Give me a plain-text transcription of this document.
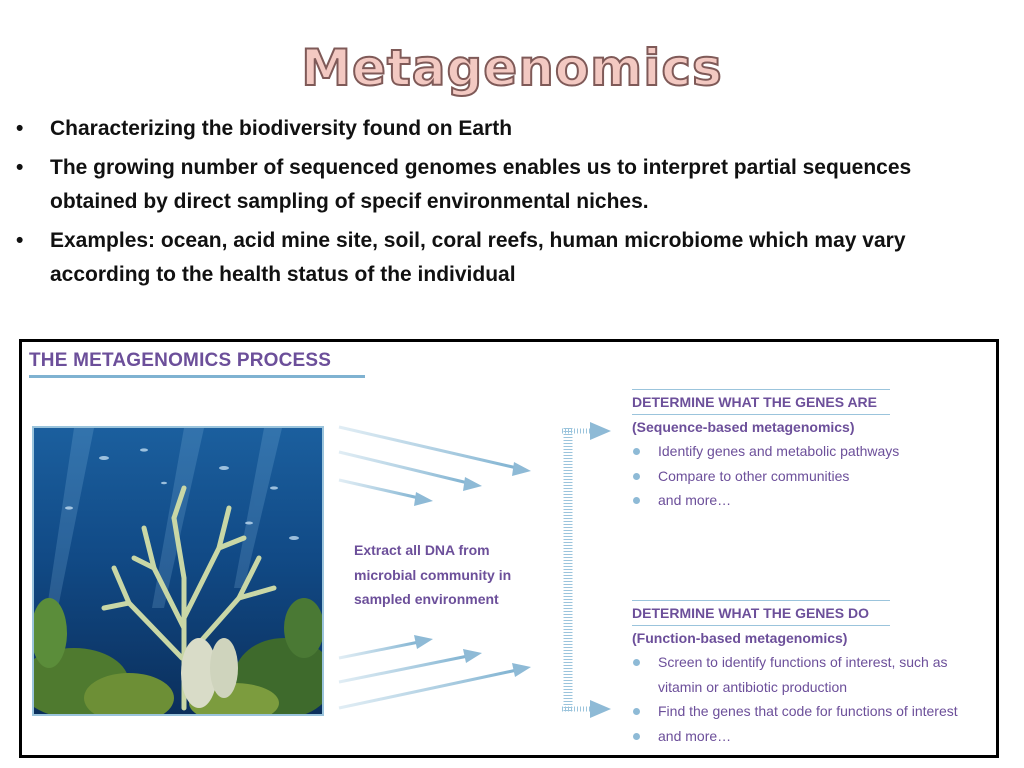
Metagenomics
• Characterizing the biodiversity found on Earth
• The growing number of sequenced genomes enables us to interpret partial sequences obtained by direct sampling of specif environmental niches.
• Examples: ocean, acid mine site, soil, coral reefs, human microbiome which may vary according to the health status of the individual
THE METAGENOMICS PROCESS
Extract all DNA from
microbial community in
sampled environment
DETERMINE WHAT THE GENES ARE
(Sequence-based metagenomics)
Identify genes and metabolic pathways
Compare to other communities
and more…
DETERMINE WHAT THE GENES DO
(Function-based metagenomics)
Screen to identify functions of interest, such as
vitamin or antibiotic production
Find the genes that code for functions of interest
and more…
